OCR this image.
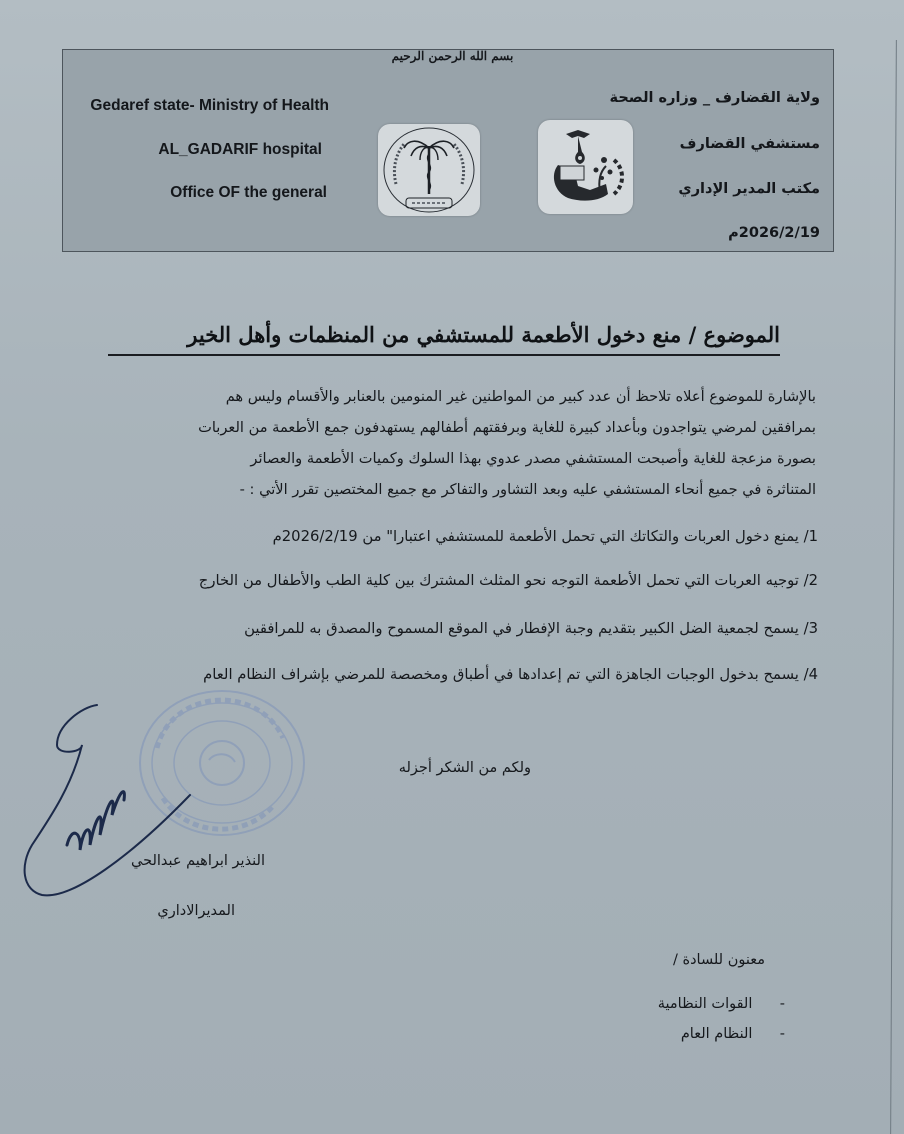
بسم الله الرحمن الرحيم
Gedaref state- Ministry of Health
AL_GADARIF hospital
Office OF the general
ولاية القضارف _ وزاره الصحة
مستشفي القضارف
مكتب المدير الإداري
2026/2/19م
الموضوع / منع دخول الأطعمة للمستشفي من المنظمات وأهل الخير
بالإشارة للموضوع أعلاه تلاحظ أن عدد كبير من المواطنين غير المنومين بالعنابر والأقسام وليس هم
بمرافقين لمرضي يتواجدون وبأعداد كبيرة للغاية وبرفقتهم أطفالهم يستهدفون جمع الأطعمة من العربات
بصورة مزعجة للغاية وأصبحت المستشفي مصدر عدوي بهذا السلوك وكميات الأطعمة والعصائر
المتناثرة في جميع أنحاء المستشفي عليه وبعد التشاور والتفاكر مع جميع المختصين تقرر الأتي : -
1/ يمنع دخول العربات والتكاتك التي تحمل الأطعمة للمستشفي اعتبارا" من 2026/2/19م
2/ توجيه العربات التي تحمل الأطعمة التوجه نحو المثلث المشترك بين كلية الطب والأطفال من الخارج
3/ يسمح لجمعية الضل الكبير بتقديم وجبة الإفطار في الموقع المسموح والمصدق به للمرافقين
4/ يسمح بدخول الوجبات الجاهزة التي تم إعدادها في أطباق ومخصصة للمرضي بإشراف النظام العام
ولكم من الشكر أجزله
النذير ابراهيم عبدالحي
المديرالاداري
معنون للسادة /
- القوات النظامية
- النظام العام
